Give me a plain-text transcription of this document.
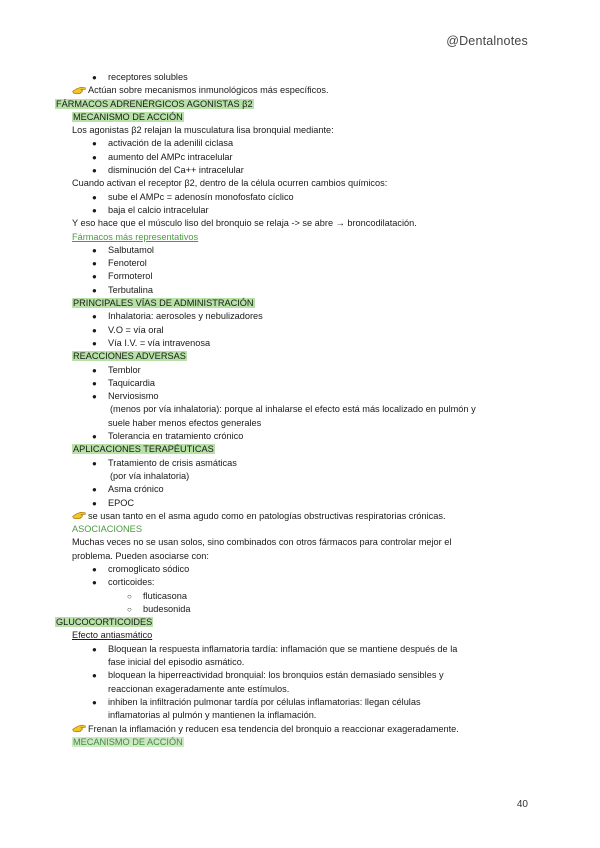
@Dentalnotes
● receptores solubles
Actúan sobre mecanismos inmunológicos más específicos.
FÁRMACOS ADRENÉRGICOS AGONISTAS β2
MECANISMO DE ACCIÓN
Los agonistas β2 relajan la musculatura lisa bronquial mediante:
● activación de la adenilil ciclasa
● aumento del AMPc intracelular
● disminución del Ca++ intracelular
Cuando activan el receptor β2, dentro de la célula ocurren cambios químicos:
● sube el AMPc = adenosín monofosfato cíclico
● baja el calcio intracelular
Y eso hace que el músculo liso del bronquio se relaja -> se abre → broncodilatación.
Fármacos más representativos
● Salbutamol
● Fenoterol
● Formoterol
● Terbutalina
PRINCIPALES VÍAS DE ADMINISTRACIÓN
● Inhalatoria: aerosoles y nebulizadores
● V.O = vía oral
● Vía I.V. = vía intravenosa
REACCIONES ADVERSAS
● Temblor
● Taquicardia
● Nerviosismo
(menos por vía inhalatoria): porque al inhalarse el efecto está más localizado en pulmón y
suele haber menos efectos generales
● Tolerancia en tratamiento crónico
APLICACIONES TERAPÉUTICAS
● Tratamiento de crisis asmáticas
(por vía inhalatoria)
● Asma crónico
● EPOC
se usan tanto en el asma agudo como en patologías obstructivas respiratorias crónicas.
ASOCIACIONES
Muchas veces no se usan solos, sino combinados con otros fármacos para controlar mejor el
problema. Pueden asociarse con:
● cromoglicato sódico
● corticoides:
○ fluticasona
○ budesonida
GLUCOCORTICOIDES
Efecto antiasmático
● Bloquean la respuesta inflamatoria tardía: inflamación que se mantiene después de la
fase inicial del episodio asmático.
● bloquean la hiperreactividad bronquial: los bronquios están demasiado sensibles y
reaccionan exageradamente ante estímulos.
● inhiben la infiltración pulmonar tardía por células inflamatorias: llegan células
inflamatorias al pulmón y mantienen la inflamación.
Frenan la inflamación y reducen esa tendencia del bronquio a reaccionar exageradamente.
MECANISMO DE ACCIÓN
40
